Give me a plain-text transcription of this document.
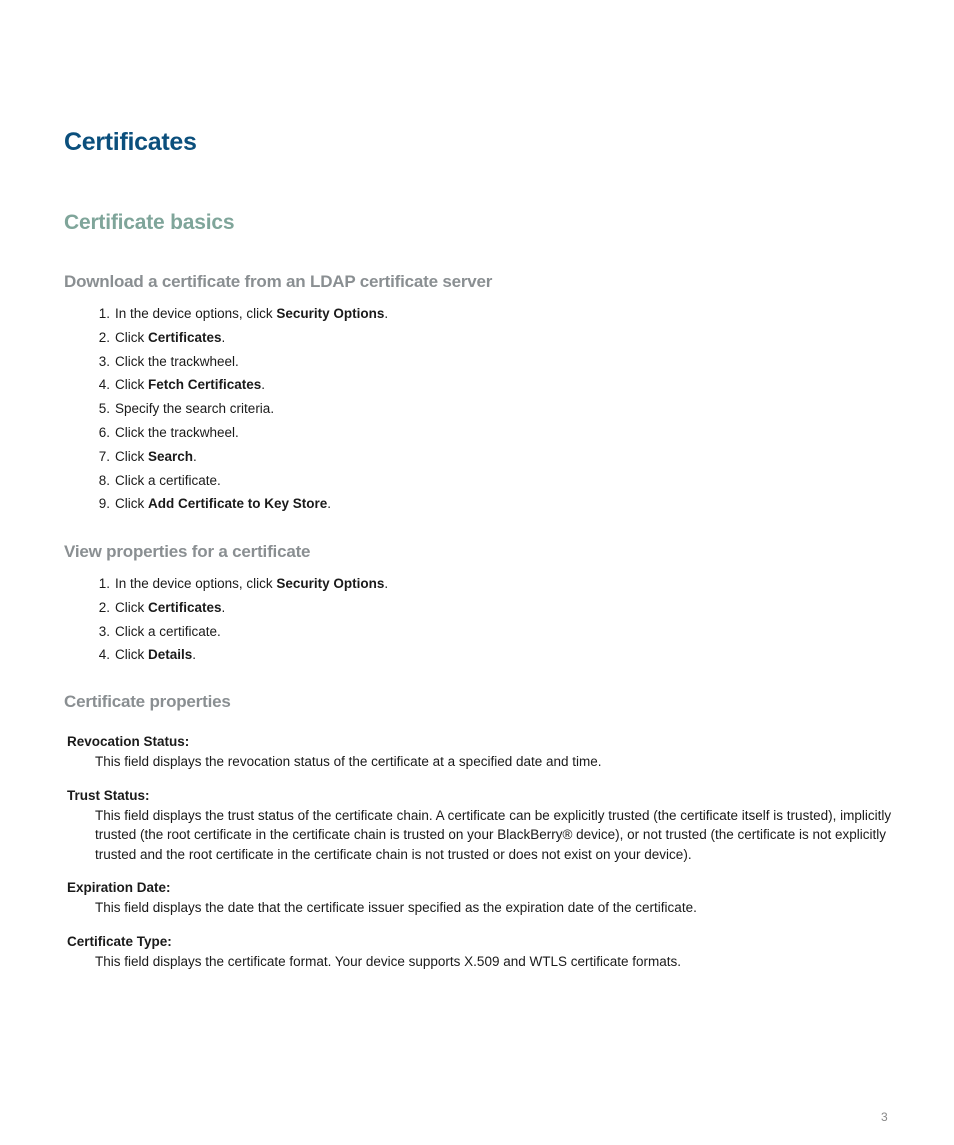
Certificates
Certificate basics
Download a certificate from an LDAP certificate server
1 . In the device options, click Security Options.
2 . Click Certificates.
3 . Click the trackwheel.
4 . Click Fetch Certificates.
5 . Specify the search criteria.
6 . Click the trackwheel.
7 . Click Search.
8 . Click a certificate.
9 . Click Add Certificate to Key Store.
View properties for a certificate
1 . In the device options, click Security Options.
2 . Click Certificates.
3 . Click a certificate.
4 . Click Details.
Certificate properties

Revocation Status:

This field displays the revocation status of the certificate at a specified date and time.

Trust Status:

This field displays the trust status of the certificate chain. A certificate can be explicitly trusted (the certificate itself is trusted), implicitly trusted (the root certificate in the certificate chain is trusted on your BlackBerry® device), or not trusted (the certificate is not explicitly trusted and the root certificate in the certificate chain is not trusted or does not exist on your device).

Expiration Date:

This field displays the date that the certificate issuer specified as the expiration date of the certificate.

Certificate Type:

This field displays the certificate format. Your device supports X.509 and WTLS certificate formats.

3
